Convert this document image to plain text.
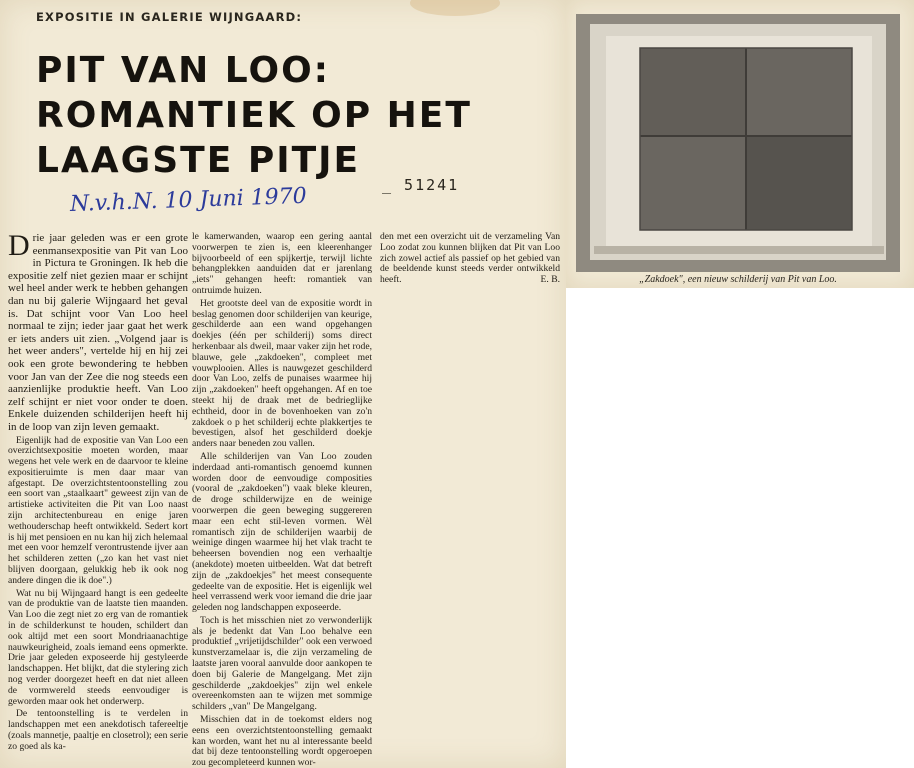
EXPOSITIE IN GALERIE WIJNGAARD:
PIT VAN LOO:
ROMANTIEK OP HET
LAAGSTE PITJE
N.v.h.N. 10 Juni 1970	_ 51241

Drie jaar geleden was er een grote eenmansexpositie van Pit van Loo in Pictura te Groningen. Ik heb die expositie zelf niet gezien maar er schijnt wel heel ander werk te hebben gehangen dan nu bij galerie Wijngaard het geval is. Dat schijnt voor Van Loo heel normaal te zijn; ieder jaar gaat het werk er iets anders uit zien. „Volgend jaar is het weer anders", vertelde hij en hij zei ook een grote bewondering te hebben voor Jan van der Zee die nog steeds een aanzienlijke produktie heeft. Van Loo zelf schijnt er niet voor onder te doen. Enkele duizenden schilderijen heeft hij in de loop van zijn leven gemaakt.

Eigenlijk had de expositie van Van Loo een overzichtsexpositie moeten worden, maar wegens het vele werk en de daarvoor te kleine expositieruimte is men daar maar van afgestapt. De overzichtstentoonstelling zou een soort van „staalkaart" geweest zijn van de artistieke activiteiten die Pit van Loo naast zijn architectenbureau en enige jaren wethouderschap heeft ontwikkeld. Sedert kort is hij met pensioen en nu kan hij zich helemaal met een voor hemzelf verontrustende ijver aan het schilderen zetten („zo kan het vast niet blijven doorgaan, gelukkig heb ik ook nog andere dingen die ik doe".)

Wat nu bij Wijngaard hangt is een gedeelte van de produktie van de laatste tien maanden. Van Loo die zegt niet zo erg van de romantiek in de schilderkunst te houden, schildert dan ook altijd met een soort Mondriaanachtige nauwkeurigheid, zoals iemand eens opmerkte. Drie jaar geleden exposeerde hij gestyleerde landschappen. Het blijkt, dat die stylering zich nog verder doorgezet heeft en dat niet alleen de vormwereld steeds eenvoudiger is geworden maar ook het onderwerp.

De tentoonstelling is te verdelen in landschappen met een anekdotisch tafereeltje (zoals mannetje, paaltje en closetrol); een serie zo goed als ka-

le kamerwanden, waarop een gering aantal voorwerpen te zien is, een kleerenhanger bijvoorbeeld of een spijkertje, terwijl lichte behangplekken aanduiden dat er jarenlang „iets" gehangen heeft: romantiek van ontruimde huizen.

Het grootste deel van de expositie wordt in beslag genomen door schilderijen van keurige, geschilderde aan een wand opgehangen doekjes (één per schilderij) soms direct herkenbaar als dweil, maar vaker zijn het rode, blauwe, gele „zakdoeken", compleet met vouwplooien. Alles is nauwgezet geschilderd door Van Loo, zelfs de punaises waarmee hij zijn „zakdoeken" heeft opgehangen. Af en toe steekt hij de draak met de bedrieglijke echtheid, door in de bovenhoeken van zo'n zakdoek o p het schilderij echte plakkertjes te bevestigen, alsof het geschilderd doekje anders naar beneden zou vallen.

Alle schilderijen van Van Loo zouden inderdaad anti-romantisch genoemd kunnen worden door de eenvoudige composities (vooral de „zakdoeken") vaak bleke kleuren, de droge schilderwijze en de weinige voorwerpen die geen beweging suggereren maar een echt stil-leven vormen. Wèl romantisch zijn de schilderijen waarbij de weinige dingen waarmee hij het vlak tracht te beheersen bovendien nog een verhaaltje (anekdote) moeten uitbeelden. Wat dat betreft zijn de „zakdoekjes" het meest consequente gedeelte van de expositie. Het is eigenlijk wel heel verrassend werk voor iemand die drie jaar geleden nog landschappen exposeerde.

Toch is het misschien niet zo verwonderlijk als je bedenkt dat Van Loo behalve een produktief „vrijetijdschilder" ook een verwoed kunstverzamelaar is, die zijn verzameling de laatste jaren vooral aanvulde door aankopen te doen bij Galerie de Mangelgang. Met zijn geschilderde „zakdoekjes" zijn wel enkele overeenkomsten aan te wijzen met sommige schilders „van" De Mangelgang.

Misschien dat in de toekomst elders nog eens een overzichtstentoonstelling gemaakt kan worden, want het nu al interessante beeld dat bij deze tentoonstelling wordt opgeroepen zou gecompleteerd kunnen wor-

den met een overzicht uit de verzameling Van Loo zodat zou kunnen blijken dat Pit van Loo zich zowel actief als passief op het gebied van de beeldende kunst steeds verder ontwikkeld heeft.	E. B.	„Zakdoek", een nieuw schilderij van Pit van Loo.
